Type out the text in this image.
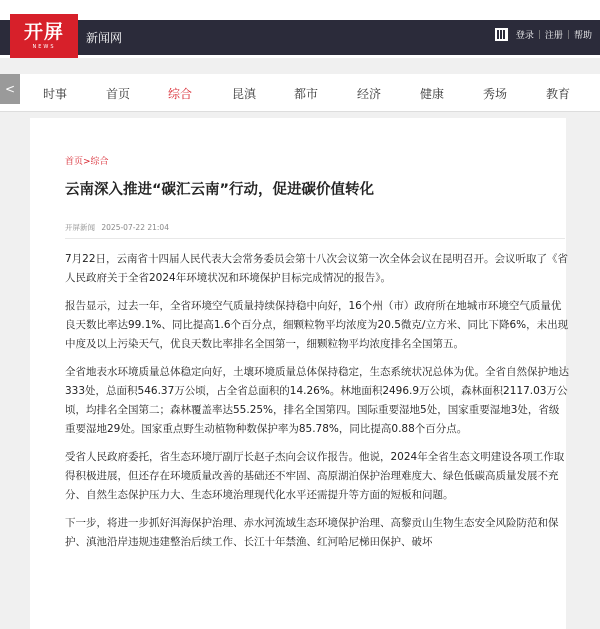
开屏
NEWS
新闻网	登录 | 注册 | 帮助
<	时事	首页	综合	昆滇	都市	经济	健康	秀场	教育
首页>综合
云南深入推进“碳汇云南”行动，促进碳价值转化
开屏新闻 2025-07-22 21:04

7月22日，云南省十四届人民代表大会常务委员会第十八次会议第一次全体会议在昆明召开。会议听取了《省人民政府关于全省2024年环境状况和环境保护目标完成情况的报告》。

报告显示，过去一年，全省环境空气质量持续保持稳中向好，16个州（市）政府所在地城市环境空气质量优良天数比率达99.1%、同比提高1.6个百分点，细颗粒物平均浓度为20.5微克/立方米、同比下降6%，未出现中度及以上污染天气，优良天数比率排名全国第一，细颗粒物平均浓度排名全国第五。

全省地表水环境质量总体稳定向好，土壤环境质量总体保持稳定，生态系统状况总体为优。全省自然保护地达333处，总面积546.37万公顷，占全省总面积的14.26%。林地面积2496.9万公顷，森林面积2117.03万公顷，均排名全国第二；森林覆盖率达55.25%，排名全国第四。国际重要湿地5处，国家重要湿地3处，省级重要湿地29处。国家重点野生动植物种数保护率为85.78%，同比提高0.88个百分点。

受省人民政府委托，省生态环境厅副厅长赵子杰向会议作报告。他说，2024年全省生态文明建设各项工作取得积极进展，但还存在环境质量改善的基础还不牢固、高原湖泊保护治理难度大、绿色低碳高质量发展不充分、自然生态保护压力大、生态环境治理现代化水平还需提升等方面的短板和问题。

下一步，将进一步抓好洱海保护治理、赤水河流域生态环境保护治理、高黎贡山生物生态安全风险防范和保护、滇池沿岸违规违建整治后续工作、长江十年禁渔、红河哈尼梯田保护、破坏
